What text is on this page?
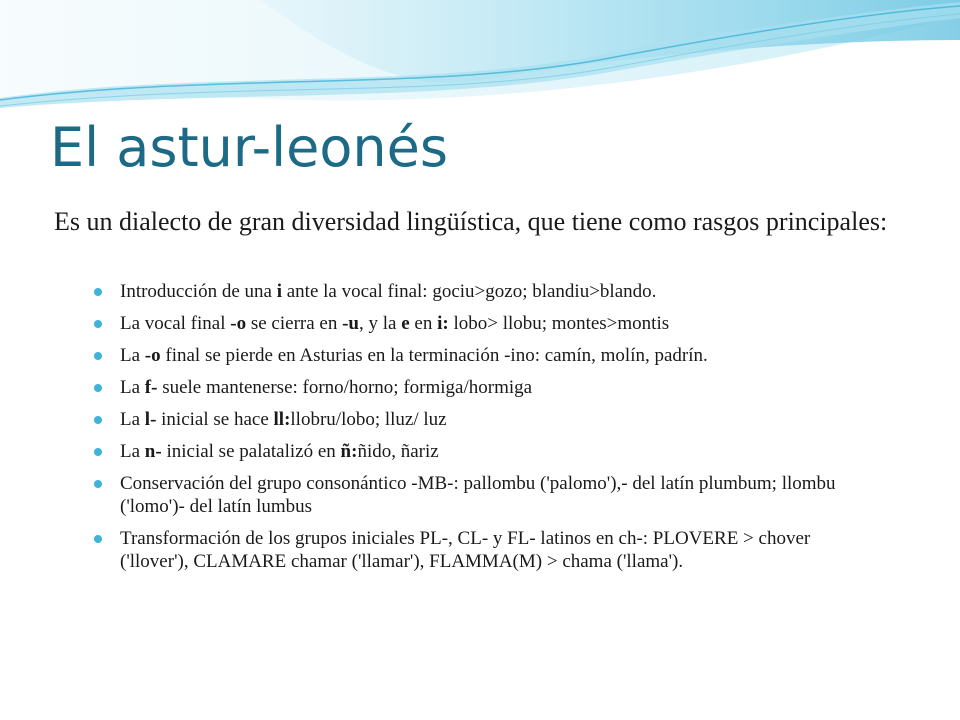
El astur-leonés
Es un dialecto de gran diversidad lingüística, que tiene como rasgos principales:
Introducción de una i ante la vocal final: gociu>gozo; blandiu>blando.
La vocal final -o se cierra en -u, y la e en i: lobo> llobu; montes>montis
La -o final se pierde en Asturias en la terminación -ino: camín, molín, padrín.
La f- suele mantenerse: forno/horno; formiga/hormiga
La l- inicial se hace ll:llobru/lobo; lluz/ luz
La n- inicial se palatalizó en ñ:ñido, ñariz
Conservación del grupo consonántico -MB-: pallombu ('palomo'),- del latín plumbum; llombu ('lomo')- del latín lumbus
Transformación de los grupos iniciales PL-, CL- y FL- latinos en ch-: PLOVERE > chover ('llover'), CLAMARE chamar ('llamar'), FLAMMA(M) > chama ('llama').
